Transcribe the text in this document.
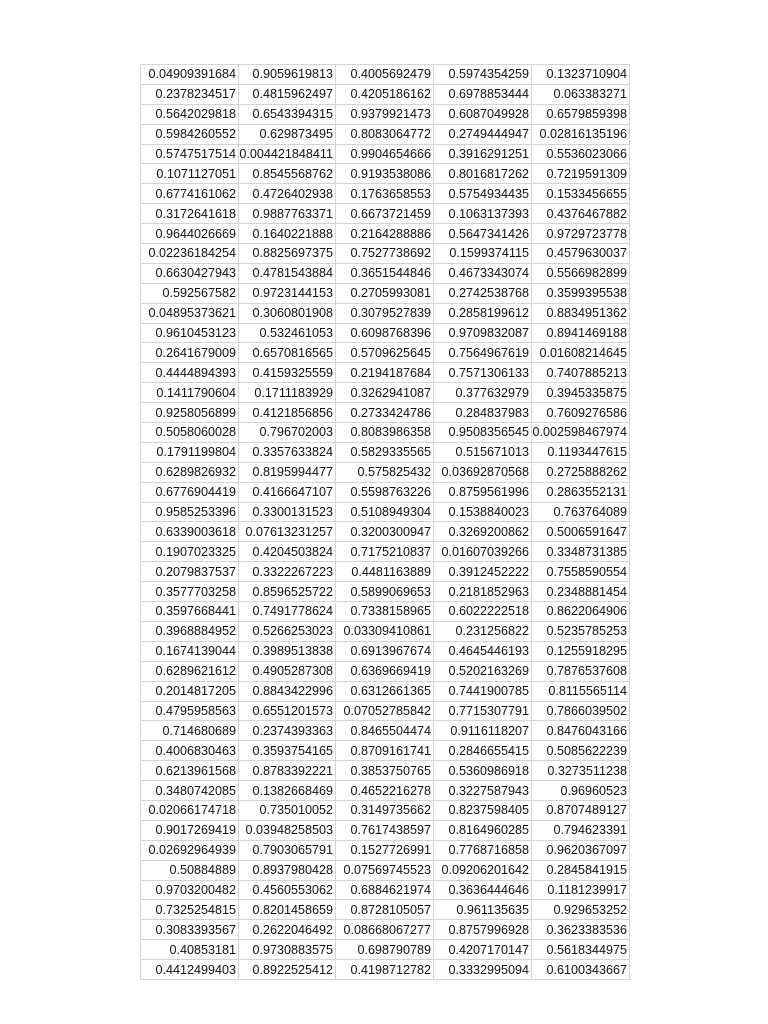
0.04909391684	0.9059619813	0.4005692479	0.5974354259	0.1323710904
0.2378234517	0.4815962497	0.4205186162	0.6978853444	0.063383271
0.5642029818	0.6543394315	0.9379921473	0.6087049928	0.6579859398
0.5984260552	0.629873495	0.8083064772	0.2749444947	0.02816135196
0.5747517514	0.004421848411	0.9904654666	0.3916291251	0.5536023066
0.1071127051	0.8545568762	0.9193538086	0.8016817262	0.7219591309
0.6774161062	0.4726402938	0.1763658553	0.5754934435	0.1533456655
0.3172641618	0.9887763371	0.6673721459	0.1063137393	0.4376467882
0.9644026669	0.1640221888	0.2164288886	0.5647341426	0.9729723778
0.02236184254	0.8825697375	0.7527738692	0.1599374115	0.4579630037
0.6630427943	0.4781543884	0.3651544846	0.4673343074	0.5566982899
0.592567582	0.9723144153	0.2705993081	0.2742538768	0.3599395538
0.04895373621	0.3060801908	0.3079527839	0.2858199612	0.8834951362
0.9610453123	0.532461053	0.6098768396	0.9709832087	0.8941469188
0.2641679009	0.6570816565	0.5709625645	0.7564967619	0.01608214645
0.4444894393	0.4159325559	0.2194187684	0.7571306133	0.7407885213
0.1411790604	0.1711183929	0.3262941087	0.377632979	0.3945335875
0.9258056899	0.4121856856	0.2733424786	0.284837983	0.7609276586
0.5058060028	0.796702003	0.8083986358	0.9508356545	0.002598467974
0.1791199804	0.3357633824	0.5829335565	0.515671013	0.1193447615
0.6289826932	0.8195994477	0.575825432	0.03692870568	0.2725888262
0.6776904419	0.4166647107	0.5598763226	0.8759561996	0.2863552131
0.9585253396	0.3300131523	0.5108949304	0.1538840023	0.763764089
0.6339003618	0.07613231257	0.3200300947	0.3269200862	0.5006591647
0.1907023325	0.4204503824	0.7175210837	0.01607039266	0.3348731385
0.2079837537	0.3322267223	0.4481163889	0.3912452222	0.7558590554
0.3577703258	0.8596525722	0.5899069653	0.2181852963	0.2348881454
0.3597668441	0.7491778624	0.7338158965	0.6022222518	0.8622064906
0.3968884952	0.5266253023	0.03309410861	0.231256822	0.5235785253
0.1674139044	0.3989513838	0.6913967674	0.4645446193	0.1255918295
0.6289621612	0.4905287308	0.6369669419	0.5202163269	0.7876537608
0.2014817205	0.8843422996	0.6312661365	0.7441900785	0.8115565114
0.4795958563	0.6551201573	0.07052785842	0.7715307791	0.7866039502
0.714680689	0.2374393363	0.8465504474	0.9116118207	0.8476043166
0.4006830463	0.3593754165	0.8709161741	0.2846655415	0.5085622239
0.6213961568	0.8783392221	0.3853750765	0.5360986918	0.3273511238
0.3480742085	0.1382668469	0.4652216278	0.3227587943	0.96960523
0.02066174718	0.735010052	0.3149735662	0.8237598405	0.8707489127
0.9017269419	0.03948258503	0.7617438597	0.8164960285	0.794623391
0.02692964939	0.7903065791	0.1527726991	0.7768716858	0.9620367097
0.50884889	0.8937980428	0.07569745523	0.09206201642	0.2845841915
0.9703200482	0.4560553062	0.6884621974	0.3636444646	0.1181239917
0.7325254815	0.8201458659	0.8728105057	0.961135635	0.929653252
0.3083393567	0.2622046492	0.08668067277	0.8757996928	0.3623383536
0.40853181	0.9730883575	0.698790789	0.4207170147	0.5618344975
0.4412499403	0.8922525412	0.4198712782	0.3332995094	0.6100343667
